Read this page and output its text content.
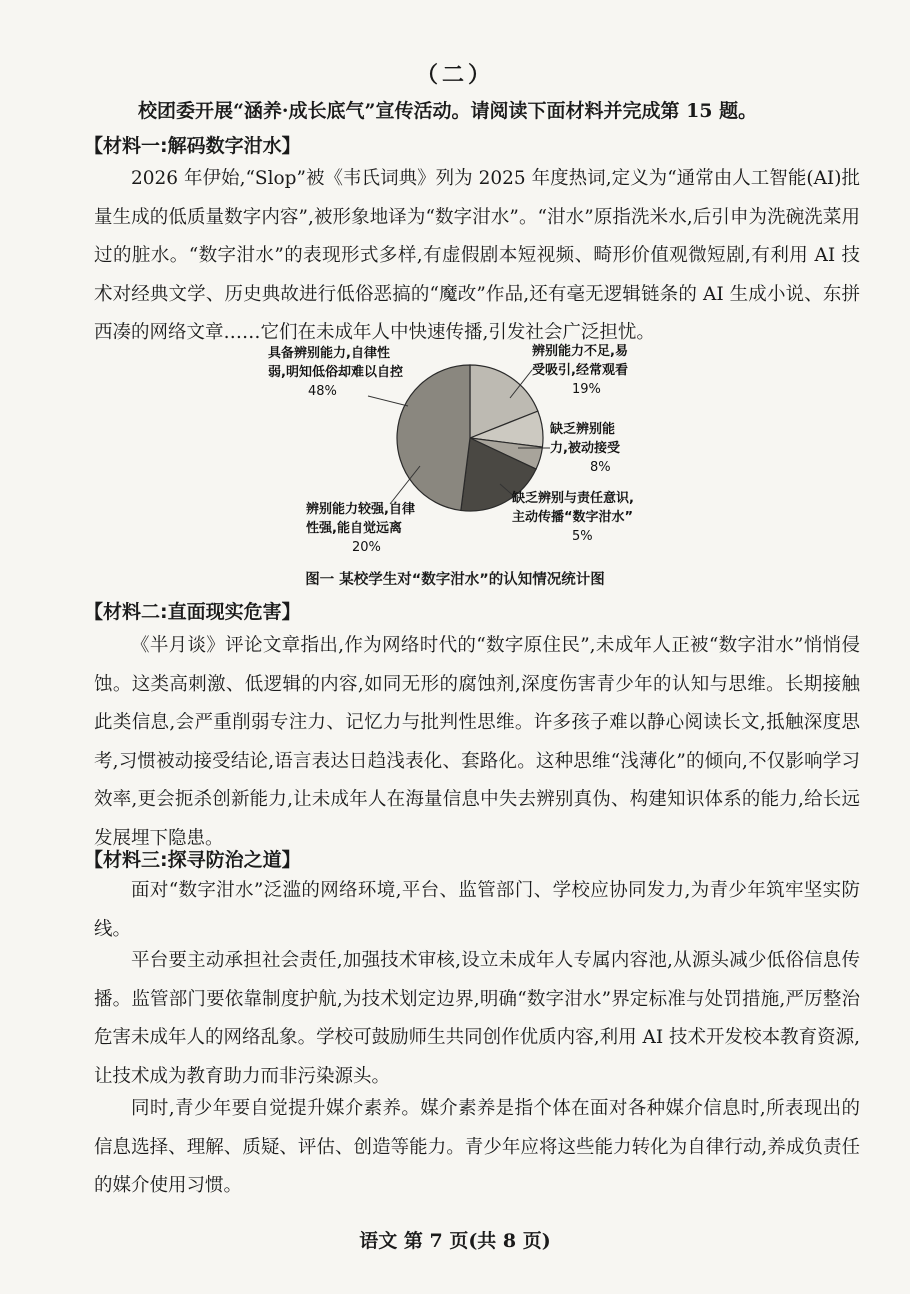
（二）
校团委开展“涵养·成长底气”宣传活动。请阅读下面材料并完成第 15 题。
【材料一:解码数字泔水】

2026 年伊始,“Slop”被《韦氏词典》列为 2025 年度热词,定义为“通常由人工智能(AI)批量生成的低质量数字内容”,被形象地译为“数字泔水”。“泔水”原指洗米水,后引申为洗碗洗菜用过的脏水。“数字泔水”的表现形式多样,有虚假剧本短视频、畸形价值观微短剧,有利用 AI 技术对经典文学、历史典故进行低俗恶搞的“魔改”作品,还有毫无逻辑链条的 AI 生成小说、东拼西凑的网络文章……它们在未成年人中快速传播,引发社会广泛担忧。

具备辨别能力,自律性
弱,明知低俗却难以自控
48%
辨别能力不足,易
受吸引,经常观看
19%
缺乏辨别能
力,被动接受
8%
缺乏辨别与责任意识,
主动传播“数字泔水”
5%
辨别能力较强,自律
性强,能自觉远离
20%
图一 某校学生对“数字泔水”的认知情况统计图
【材料二:直面现实危害】

《半月谈》评论文章指出,作为网络时代的“数字原住民”,未成年人正被“数字泔水”悄悄侵蚀。这类高刺激、低逻辑的内容,如同无形的腐蚀剂,深度伤害青少年的认知与思维。长期接触此类信息,会严重削弱专注力、记忆力与批判性思维。许多孩子难以静心阅读长文,抵触深度思考,习惯被动接受结论,语言表达日趋浅表化、套路化。这种思维“浅薄化”的倾向,不仅影响学习效率,更会扼杀创新能力,让未成年人在海量信息中失去辨别真伪、构建知识体系的能力,给长远发展埋下隐患。

【材料三:探寻防治之道】

面对“数字泔水”泛滥的网络环境,平台、监管部门、学校应协同发力,为青少年筑牢坚实防线。

平台要主动承担社会责任,加强技术审核,设立未成年人专属内容池,从源头减少低俗信息传播。监管部门要依靠制度护航,为技术划定边界,明确“数字泔水”界定标准与处罚措施,严厉整治危害未成年人的网络乱象。学校可鼓励师生共同创作优质内容,利用 AI 技术开发校本教育资源,让技术成为教育助力而非污染源头。

同时,青少年要自觉提升媒介素养。媒介素养是指个体在面对各种媒介信息时,所表现出的信息选择、理解、质疑、评估、创造等能力。青少年应将这些能力转化为自律行动,养成负责任的媒介使用习惯。

语文 第 7 页(共 8 页)
